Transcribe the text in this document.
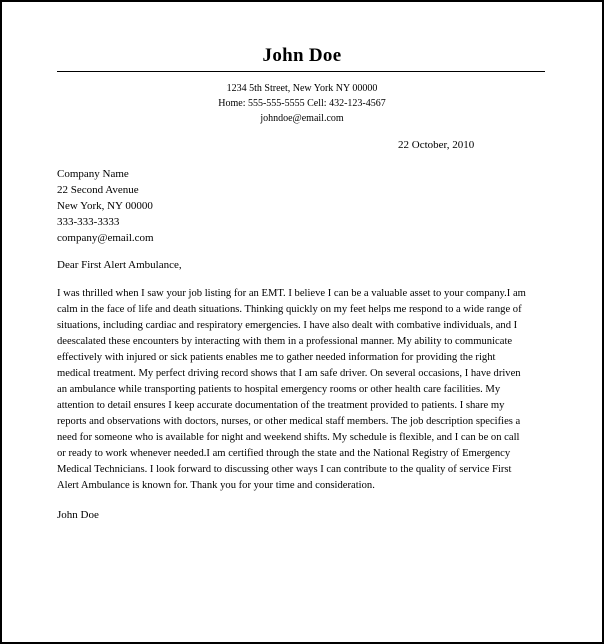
John Doe
1234 5th Street, New York NY 00000
Home: 555-555-5555 Cell: 432-123-4567
johndoe@email.com
22 October, 2010
Company Name
22 Second Avenue
New York, NY 00000
333-333-3333
company@email.com
Dear First Alert Ambulance,
I was thrilled when I saw your job listing for an EMT. I believe I can be a valuable asset to your company.I am
calm in the face of life and death situations. Thinking quickly on my feet helps me respond to a wide range of
situations, including cardiac and respiratory emergencies. I have also dealt with combative individuals, and I
deescalated these encounters by interacting with them in a professional manner. My ability to communicate
effectively with injured or sick patients enables me to gather needed information for providing the right
medical treatment. My perfect driving record shows that I am safe driver. On several occasions, I have driven
an ambulance while transporting patients to hospital emergency rooms or other health care facilities. My
attention to detail ensures I keep accurate documentation of the treatment provided to patients. I share my
reports and observations with doctors, nurses, or other medical staff members. The job description specifies a
need for someone who is available for night and weekend shifts. My schedule is flexible, and I can be on call
or ready to work whenever needed.I am certified through the state and the National Registry of Emergency
Medical Technicians. I look forward to discussing other ways I can contribute to the quality of service First
Alert Ambulance is known for. Thank you for your time and consideration.
John Doe
